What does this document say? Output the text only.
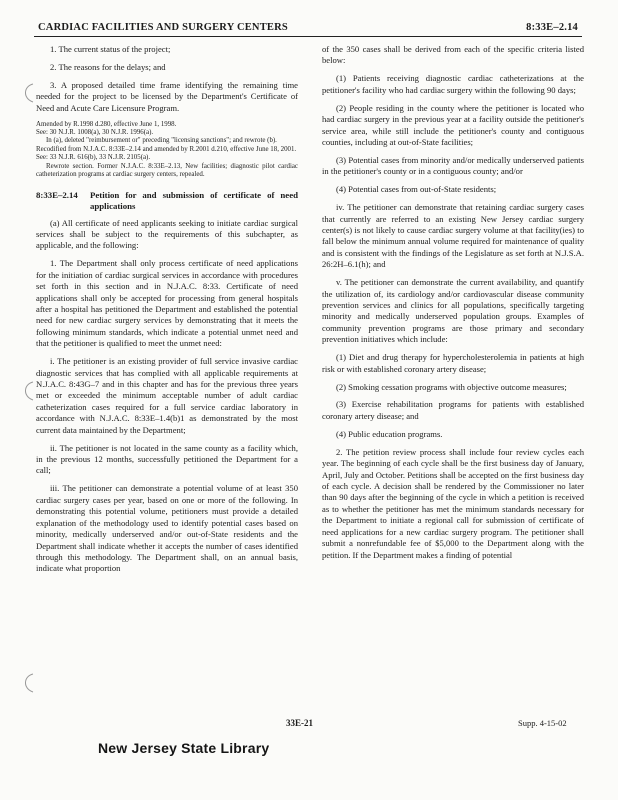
CARDIAC FACILITIES AND SURGERY CENTERS	8:33E–2.14

1. The current status of the project;

2. The reasons for the delays; and

3. A proposed detailed time frame identifying the remaining time needed for the project to be licensed by the Department's Certificate of Need and Acute Care Licensure Program.

Amended by R.1998 d.280, effective June 1, 1998.

See: 30 N.J.R. 1008(a), 30 N.J.R. 1996(a).

In (a), deleted "reimbursement or" preceding "licensing sanctions"; and rewrote (b).

Recodified from N.J.A.C. 8:33E–2.14 and amended by R.2001 d.210, effective June 18, 2001.

See: 33 N.J.R. 616(b), 33 N.J.R. 2105(a).

Rewrote section. Former N.J.A.C. 8:33E–2.13, New facilities; diagnostic pilot cardiac catheterization programs at cardiac surgery centers, repealed.

8:33E–2.14	Petition for and submission of certificate of need applications

(a) All certificate of need applicants seeking to initiate cardiac surgical services shall be subject to the requirements of this subchapter, as applicable, and the following:

1. The Department shall only process certificate of need applications for the initiation of cardiac surgical services in accordance with procedures set forth in this section and in N.J.A.C. 8:33. Certificate of need applications shall only be accepted for processing from general hospitals after a hospital has petitioned the Department and established the potential need for new cardiac surgery services by demonstrating that it meets the following minimum standards, which indicate a potential unmet need and that the petitioner is qualified to meet the unmet need:

i. The petitioner is an existing provider of full service invasive cardiac diagnostic services that has complied with all applicable requirements at N.J.A.C. 8:43G–7 and in this chapter and has for the previous three years met or exceeded the minimum acceptable number of adult cardiac catheterization cases required for a full service cardiac laboratory in accordance with N.J.A.C. 8:33E–1.4(b)1 as demonstrated by the most current data maintained by the Department;

ii. The petitioner is not located in the same county as a facility which, in the previous 12 months, successfully petitioned the Department for a call;

iii. The petitioner can demonstrate a potential volume of at least 350 cardiac surgery cases per year, based on one or more of the following. In demonstrating this potential volume, petitioners must provide a detailed explanation of the methodology used to identify potential cases based on minority, medically underserved and/or out-of-State residents and the Department shall indicate whether it accepts the number of cases identified through this methodology. The Department shall, on an annual basis, indicate what proportion

of the 350 cases shall be derived from each of the specific criteria listed below:

(1) Patients receiving diagnostic cardiac catheterizations at the petitioner's facility who had cardiac surgery within the following 90 days;

(2) People residing in the county where the petitioner is located who had cardiac surgery in the previous year at a facility outside the petitioner's service area, while still include the petitioner's county and contiguous counties, including at out-of-State facilities;

(3) Potential cases from minority and/or medically underserved patients in the petitioner's county or in a contiguous county; and/or

(4) Potential cases from out-of-State residents;

iv. The petitioner can demonstrate that retaining cardiac surgery cases that currently are referred to an existing New Jersey cardiac surgery center(s) is not likely to cause cardiac surgery volume at that facility(ies) to fall below the minimum annual volume required for maintenance of quality and is consistent with the findings of the Legislature as set forth at N.J.S.A. 26:2H–6.1(h); and

v. The petitioner can demonstrate the current availability, and quantify the utilization of, its cardiology and/or cardiovascular disease community prevention services and clinics for all populations, specifically targeting minority and medically underserved population groups. Examples of community prevention programs are those primary and secondary prevention initiatives which include:

(1) Diet and drug therapy for hypercholesterolemia in patients at high risk or with established coronary artery disease;

(2) Smoking cessation programs with objective outcome measures;

(3) Exercise rehabilitation programs for patients with established coronary artery disease; and

(4) Public education programs.

2. The petition review process shall include four review cycles each year. The beginning of each cycle shall be the first business day of January, April, July and October. Petitions shall be accepted on the first business day of each cycle. A decision shall be rendered by the Commissioner no later than 90 days after the beginning of the cycle in which a petition is received as to whether the petitioner has met the minimum standards necessary for the Department to initiate a regional call for submission of certificate of need applications for a new cardiac surgery program. The petitioner shall submit a nonrefundable fee of $5,000 to the Department along with the petition. If the Department makes a finding of potential

33E-21	Supp. 4-15-02
New Jersey State Library
